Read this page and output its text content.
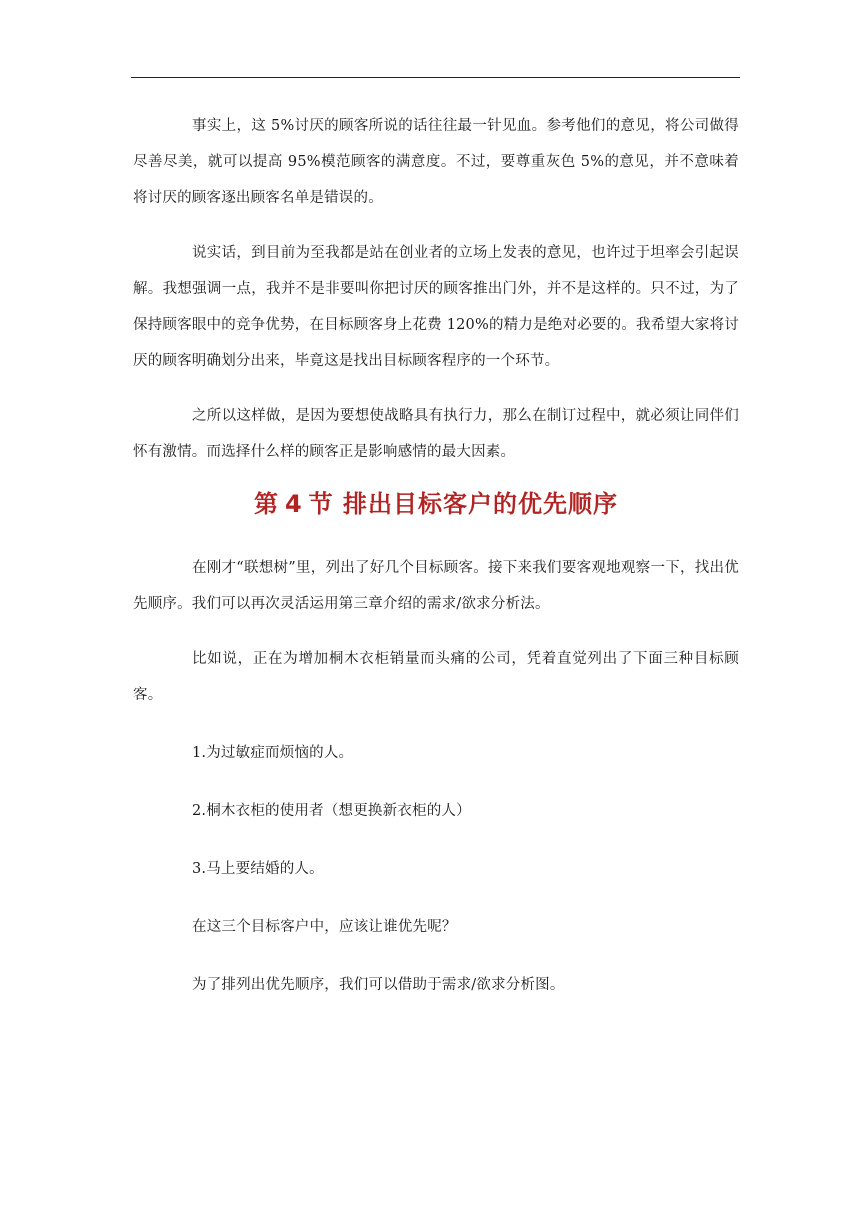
事实上，这 5%讨厌的顾客所说的话往往最一针见血。参考他们的意见，将公司做得尽善尽美，就可以提高 95%模范顾客的满意度。不过，要尊重灰色 5%的意见，并不意味着将讨厌的顾客逐出顾客名单是错误的。

说实话，到目前为至我都是站在创业者的立场上发表的意见，也许过于坦率会引起误解。我想强调一点，我并不是非要叫你把讨厌的顾客推出门外，并不是这样的。只不过，为了保持顾客眼中的竞争优势，在目标顾客身上花费 120%的精力是绝对必要的。我希望大家将讨厌的顾客明确划分出来，毕竟这是找出目标顾客程序的一个环节。

之所以这样做，是因为要想使战略具有执行力，那么在制订过程中，就必须让同伴们怀有激情。而选择什么样的顾客正是影响感情的最大因素。

第 4 节 排出目标客户的优先顺序

在刚才“联想树”里，列出了好几个目标顾客。接下来我们要客观地观察一下，找出优先顺序。我们可以再次灵活运用第三章介绍的需求/欲求分析法。

比如说，正在为增加桐木衣柜销量而头痛的公司，凭着直觉列出了下面三种目标顾客。

1.为过敏症而烦恼的人。

2.桐木衣柜的使用者（想更换新衣柜的人）

3.马上要结婚的人。

在这三个目标客户中，应该让谁优先呢？

为了排列出优先顺序，我们可以借助于需求/欲求分析图。
